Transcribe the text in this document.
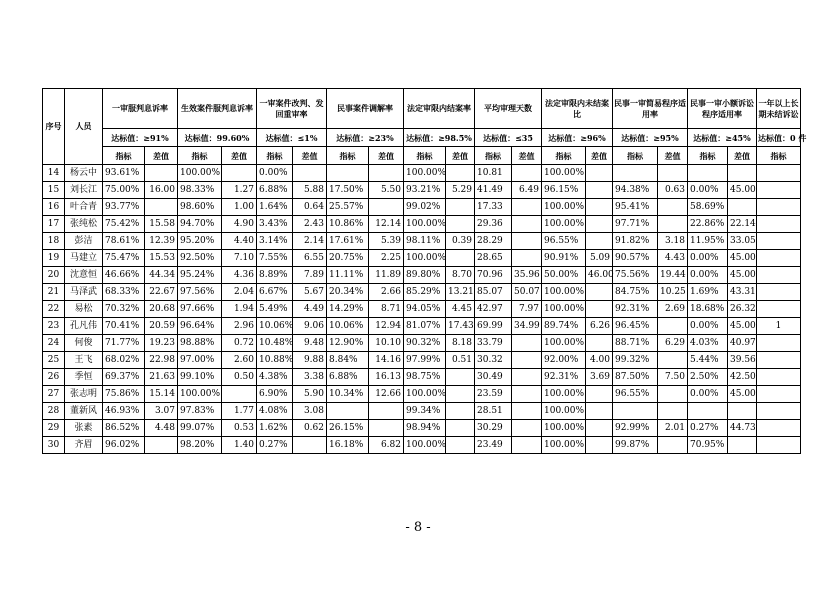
序号	人员	一审服判息诉率		生效案件服判息诉率		一审案件改判、发回重审率		民事案件调解率		法定审限内结案率		平均审理天数		法定审限内未结案比		民事一审简易程序适用率		民事一审小额诉讼程序适用率		一年以上长期未结诉讼
		达标值：≥91%		达标值：99.60%		达标值：≤1%		达标值：≥23%		达标值：≥98.5%		达标值：≤35		达标值：≥96%		达标值：≥95%		达标值：≥45%		达标值：0 件
		指标	差值	指标	差值	指标	差值	指标	差值	指标	差值	指标	差值	指标	差值	指标	差值	指标	差值	指标
14	杨云中	93.61%		100.00%		0.00%				100.00%		10.81		100.00%						
15	刘长江	75.00%	16.00	98.33%	1.27	6.88%	5.88	17.50%	5.50	93.21%	5.29	41.49	6.49	96.15%		94.38%	0.63	0.00%	45.00	
16	叶合青	93.77%		98.60%	1.00	1.64%	0.64	25.57%		99.02%		17.33		100.00%		95.41%		58.69%		
17	张纯松	75.42%	15.58	94.70%	4.90	3.43%	2.43	10.86%	12.14	100.00%		29.36		100.00%		97.71%		22.86%	22.14	
18	彭洁	78.61%	12.39	95.20%	4.40	3.14%	2.14	17.61%	5.39	98.11%	0.39	28.29		96.55%		91.82%	3.18	11.95%	33.05	
19	马建立	75.47%	15.53	92.50%	7.10	7.55%	6.55	20.75%	2.25	100.00%		28.65		90.91%	5.09	90.57%	4.43	0.00%	45.00	
20	沈意恒	46.66%	44.34	95.24%	4.36	8.89%	7.89	11.11%	11.89	89.80%	8.70	70.96	35.96	50.00%	46.00	75.56%	19.44	0.00%	45.00	
21	马泽武	68.33%	22.67	97.56%	2.04	6.67%	5.67	20.34%	2.66	85.29%	13.21	85.07	50.07	100.00%		84.75%	10.25	1.69%	43.31	
22	易松	70.32%	20.68	97.66%	1.94	5.49%	4.49	14.29%	8.71	94.05%	4.45	42.97	7.97	100.00%		92.31%	2.69	18.68%	26.32	
23	孔凡伟	70.41%	20.59	96.64%	2.96	10.06%	9.06	10.06%	12.94	81.07%	17.43	69.99	34.99	89.74%	6.26	96.45%		0.00%	45.00	1
24	何俊	71.77%	19.23	98.88%	0.72	10.48%	9.48	12.90%	10.10	90.32%	8.18	33.79		100.00%		88.71%	6.29	4.03%	40.97	
25	王飞	68.02%	22.98	97.00%	2.60	10.88%	9.88	8.84%	14.16	97.99%	0.51	30.32		92.00%	4.00	99.32%		5.44%	39.56	
26	季恒	69.37%	21.63	99.10%	0.50	4.38%	3.38	6.88%	16.13	98.75%		30.49		92.31%	3.69	87.50%	7.50	2.50%	42.50	
27	张志明	75.86%	15.14	100.00%		6.90%	5.90	10.34%	12.66	100.00%		23.59		100.00%		96.55%		0.00%	45.00	
28	董新风	46.93%	3.07	97.83%	1.77	4.08%	3.08			99.34%		28.51		100.00%						
29	张素	86.52%	4.48	99.07%	0.53	1.62%	0.62	26.15%		98.94%		30.29		100.00%		92.99%	2.01	0.27%	44.73	
30	齐眉	96.02%		98.20%	1.40	0.27%		16.18%	6.82	100.00%		23.49		100.00%		99.87%		70.95%		
- 8 -
